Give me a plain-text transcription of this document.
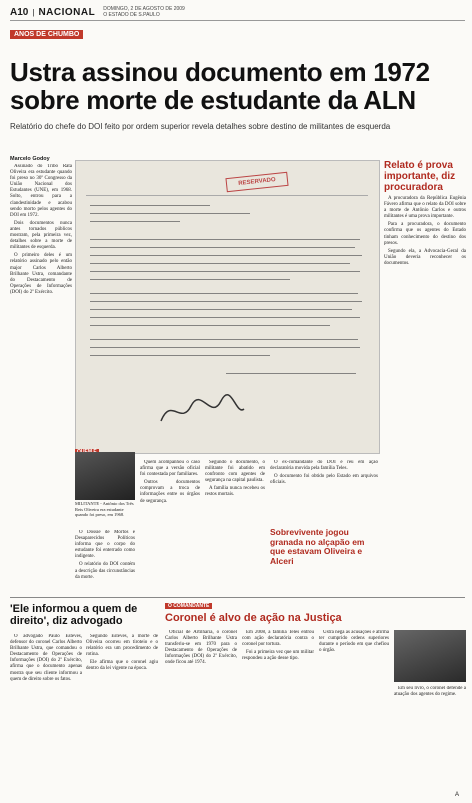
A10 | NACIONAL DOMINGO, 2 DE AGOSTO DE 2009
O ESTADO DE S.PAULO
ANOS DE CHUMBO
Ustra assinou documento em 1972 sobre morte de estudante da ALN
Relatório do chefe do DOI feito por ordem superior revela detalhes sobre destino de militantes de esquerda
Marcelo Godoy

Assinado do Tribo Rata Oliveira era estudante quando foi preso no 30º Congresso da União Nacional dos Estudantes (UNE), em 1968. Solto, entrou para a clandestinidade e acabou sendo morto pelos agentes do DOI em 1972.

Dois documentos nunca antes tornados públicos mostram, pela primeira vez, detalhes sobre a morte de militantes de esquerda.

O primeiro deles é um relatório assinado pelo então major Carlos Alberto Brilhante Ustra, comandante do Destacamento de Operações de Informações (DOI) do 2º Exército.

RESERVADO
Relato é prova importante, diz procuradora

A procuradora da República Eugênia Fávero afirma que o relato da DOI sobre a morte de Antônio Carlos e outros militantes é uma prova importante.

Para a procuradora, o documento confirma que os agentes do Estado tinham conhecimento do destino dos presos.

Segundo ela, a Advocacia-Geral da União deveria reconhecer os documentos.

MILITANTE - Antônio dos Três Reis Oliveira era estudante quando foi preso, em 1968.

Quem acompanhou o caso afirma que a versão oficial foi contestada por familiares.

Outros documentos comprovam a troca de informações entre os órgãos de segurança.

Segundo o documento, o militante foi abatido em confronto com agentes de segurança na capital paulista.

A família nunca recebeu os restos mortais.

O ex-comandante do DOI é réu em ação declaratória movida pela família Teles.

O documento foi obtido pelo Estado em arquivos oficiais.

Sobrevivente jogou granada no alçapão em que estavam Oliveira e Alceri

O Dossiê de Mortos e Desaparecidos Políticos informa que o corpo do estudante foi enterrado como indigente.

O relatório do DOI contém a descrição das circunstâncias da morte.

'Ele informou a quem de direito', diz advogado

O advogado Paulo Esteves, defensor do coronel Carlos Alberto Brilhante Ustra, que comandou o Destacamento de Operações de Informações (DOI) do 2º Exército, afirma que o documento apenas mostra que seu cliente informou a quem de direito sobre os fatos.

Segundo Esteves, a morte de Oliveira ocorreu em tiroteio e o relatório era um procedimento de rotina.

Ele afirma que o coronel agiu dentro da lei vigente na época.

O COMANDANTE
Coronel é alvo de ação na Justiça

Oficial de Artilharia, o coronel Carlos Alberto Brilhante Ustra transferiu-se em 1970 para o Destacamento de Operações de Informações (DOI) do 2º Exército, onde ficou até 1974.

Em 2008, a família Teles entrou com ação declaratória contra o coronel por tortura.

Foi a primeira vez que um militar respondeu a ação desse tipo.

Ustra nega as acusações e afirma ter cumprido ordens superiores durante o período em que chefiou o órgão.

Em seu livro, o coronel defende a atuação dos agentes do regime.

A
